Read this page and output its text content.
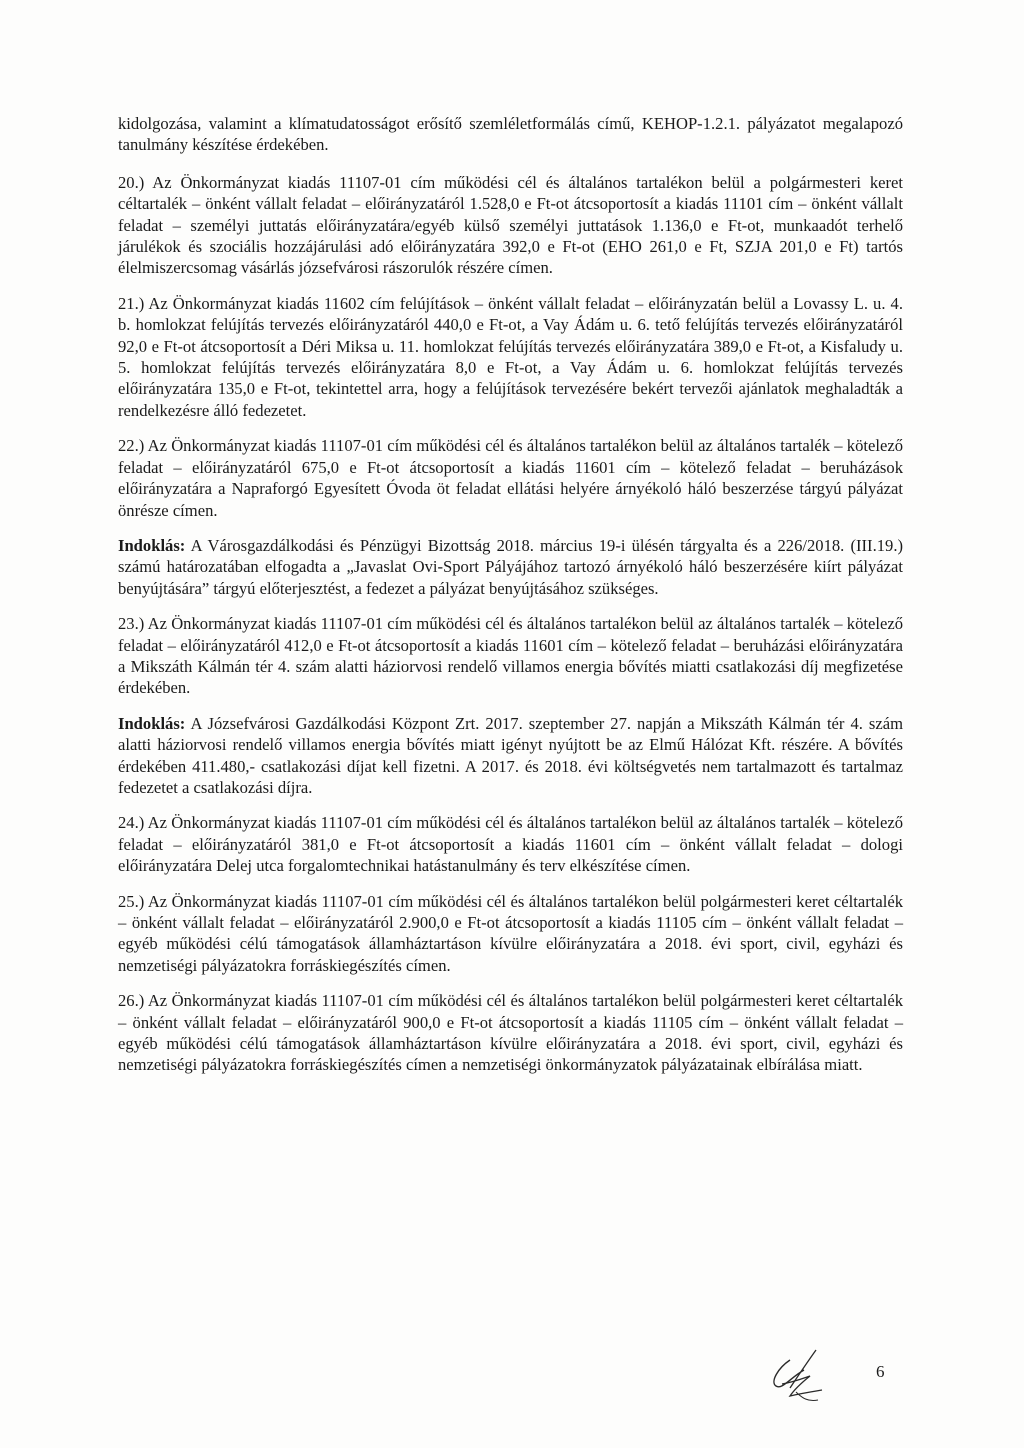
kidolgozása, valamint a klímatudatosságot erősítő szemléletformálás című, KEHOP-1.2.1. pályázatot megalapozó tanulmány készítése érdekében.

20.) Az Önkormányzat kiadás 11107-01 cím működési cél és általános tartalékon belül a polgármesteri keret céltartalék – önként vállalt feladat – előirányzatáról 1.528,0 e Ft-ot átcsoportosít a kiadás 11101 cím – önként vállalt feladat – személyi juttatás előirányzatára/egyéb külső személyi juttatások 1.136,0 e Ft-ot, munkaadót terhelő járulékok és szociális hozzájárulási adó előirányzatára 392,0 e Ft-ot (EHO 261,0 e Ft, SZJA 201,0 e Ft) tartós élelmiszercsomag vásárlás józsefvárosi rászorulók részére címen.

21.) Az Önkormányzat kiadás 11602 cím felújítások – önként vállalt feladat – előirányzatán belül a Lovassy L. u. 4. b. homlokzat felújítás tervezés előirányzatáról 440,0 e Ft-ot, a Vay Ádám u. 6. tető felújítás tervezés előirányzatáról 92,0 e Ft-ot átcsoportosít a Déri Miksa u. 11. homlokzat felújítás tervezés előirányzatára 389,0 e Ft-ot, a Kisfaludy u. 5. homlokzat felújítás tervezés előirányzatára 8,0 e Ft-ot, a Vay Ádám u. 6. homlokzat felújítás tervezés előirányzatára 135,0 e Ft-ot, tekintettel arra, hogy a felújítások tervezésére bekért tervezői ajánlatok meghaladták a rendelkezésre álló fedezetet.

22.) Az Önkormányzat kiadás 11107-01 cím működési cél és általános tartalékon belül az általános tartalék – kötelező feladat – előirányzatáról 675,0 e Ft-ot átcsoportosít a kiadás 11601 cím – kötelező feladat – beruházások előirányzatára a Napraforgó Egyesített Óvoda öt feladat ellátási helyére árnyékoló háló beszerzése tárgyú pályázat önrésze címen.

Indoklás: A Városgazdálkodási és Pénzügyi Bizottság 2018. március 19-i ülésén tárgyalta és a 226/2018. (III.19.) számú határozatában elfogadta a „Javaslat Ovi-Sport Pályájához tartozó árnyékoló háló beszerzésére kiírt pályázat benyújtására” tárgyú előterjesztést, a fedezet a pályázat benyújtásához szükséges.

23.) Az Önkormányzat kiadás 11107-01 cím működési cél és általános tartalékon belül az általános tartalék – kötelező feladat – előirányzatáról 412,0 e Ft-ot átcsoportosít a kiadás 11601 cím – kötelező feladat – beruházási előirányzatára a Mikszáth Kálmán tér 4. szám alatti háziorvosi rendelő villamos energia bővítés miatti csatlakozási díj megfizetése érdekében.

Indoklás: A Józsefvárosi Gazdálkodási Központ Zrt. 2017. szeptember 27. napján a Mikszáth Kálmán tér 4. szám alatti háziorvosi rendelő villamos energia bővítés miatt igényt nyújtott be az Elmű Hálózat Kft. részére. A bővítés érdekében 411.480,- csatlakozási díjat kell fizetni. A 2017. és 2018. évi költségvetés nem tartalmazott és tartalmaz fedezetet a csatlakozási díjra.

24.) Az Önkormányzat kiadás 11107-01 cím működési cél és általános tartalékon belül az általános tartalék – kötelező feladat – előirányzatáról 381,0 e Ft-ot átcsoportosít a kiadás 11601 cím – önként vállalt feladat – dologi előirányzatára Delej utca forgalomtechnikai hatástanulmány és terv elkészítése címen.

25.) Az Önkormányzat kiadás 11107-01 cím működési cél és általános tartalékon belül polgármesteri keret céltartalék – önként vállalt feladat – előirányzatáról 2.900,0 e Ft-ot átcsoportosít a kiadás 11105 cím – önként vállalt feladat – egyéb működési célú támogatások államháztartáson kívülre előirányzatára a 2018. évi sport, civil, egyházi és nemzetiségi pályázatokra forráskiegészítés címen.

26.) Az Önkormányzat kiadás 11107-01 cím működési cél és általános tartalékon belül polgármesteri keret céltartalék – önként vállalt feladat – előirányzatáról 900,0 e Ft-ot átcsoportosít a kiadás 11105 cím – önként vállalt feladat – egyéb működési célú támogatások államháztartáson kívülre előirányzatára a 2018. évi sport, civil, egyházi és nemzetiségi pályázatokra forráskiegészítés címen a nemzetiségi önkormányzatok pályázatainak elbírálása miatt.

6
